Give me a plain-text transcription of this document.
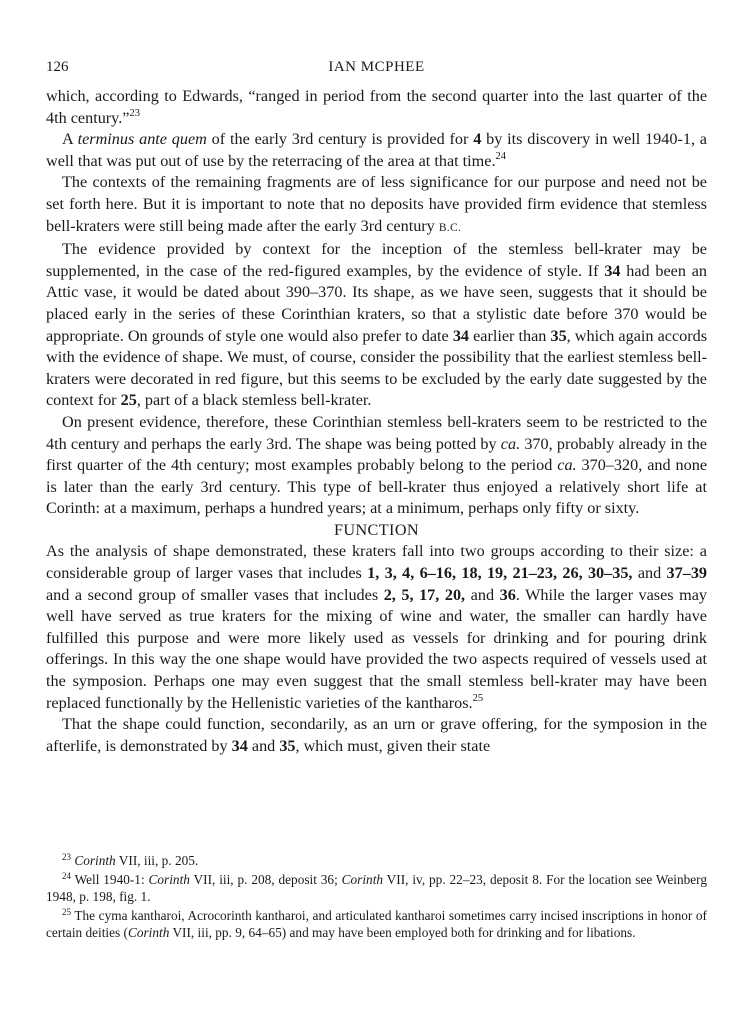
126	IAN MCPHEE

which, according to Edwards, “ranged in period from the second quarter into the last quarter of the 4th century.”$^{23}$

A terminus ante quem of the early 3rd century is provided for 4 by its discovery in well 1940-1, a well that was put out of use by the reterracing of the area at that time.$^{24}$

The contexts of the remaining fragments are of less significance for our purpose and need not be set forth here. But it is important to note that no deposits have provided firm evidence that stemless bell-kraters were still being made after the early 3rd century B.C.

The evidence provided by context for the inception of the stemless bell-krater may be supplemented, in the case of the red-figured examples, by the evidence of style. If 34 had been an Attic vase, it would be dated about 390–370. Its shape, as we have seen, suggests that it should be placed early in the series of these Corinthian kraters, so that a stylistic date before 370 would be appropriate. On grounds of style one would also prefer to date 34 earlier than 35, which again accords with the evidence of shape. We must, of course, consider the possibility that the earliest stemless bell-kraters were decorated in red figure, but this seems to be excluded by the early date suggested by the context for 25, part of a black stemless bell-krater.

On present evidence, therefore, these Corinthian stemless bell-kraters seem to be restricted to the 4th century and perhaps the early 3rd. The shape was being potted by ca. 370, probably already in the first quarter of the 4th century; most examples probably belong to the period ca. 370–320, and none is later than the early 3rd century. This type of bell-krater thus enjoyed a relatively short life at Corinth: at a maximum, perhaps a hundred years; at a minimum, perhaps only fifty or sixty.

FUNCTION

As the analysis of shape demonstrated, these kraters fall into two groups according to their size: a considerable group of larger vases that includes 1, 3, 4, 6–16, 18, 19, 21–23, 26, 30–35, and 37–39 and a second group of smaller vases that includes 2, 5, 17, 20, and 36. While the larger vases may well have served as true kraters for the mixing of wine and water, the smaller can hardly have fulfilled this purpose and were more likely used as vessels for drinking and for pouring drink offerings. In this way the one shape would have provided the two aspects required of vessels used at the symposion. Perhaps one may even suggest that the small stemless bell-krater may have been replaced functionally by the Hellenistic varieties of the kantharos.$^{25}$

That the shape could function, secondarily, as an urn or grave offering, for the symposion in the afterlife, is demonstrated by 34 and 35, which must, given their state

$^{23}$ Corinth VII, iii, p. 205.

$^{24}$ Well 1940-1: Corinth VII, iii, p. 208, deposit 36; Corinth VII, iv, pp. 22–23, deposit 8. For the location see Weinberg 1948, p. 198, fig. 1.

$^{25}$ The cyma kantharoi, Acrocorinth kantharoi, and articulated kantharoi sometimes carry incised inscriptions in honor of certain deities (Corinth VII, iii, pp. 9, 64–65) and may have been employed both for drinking and for libations.
